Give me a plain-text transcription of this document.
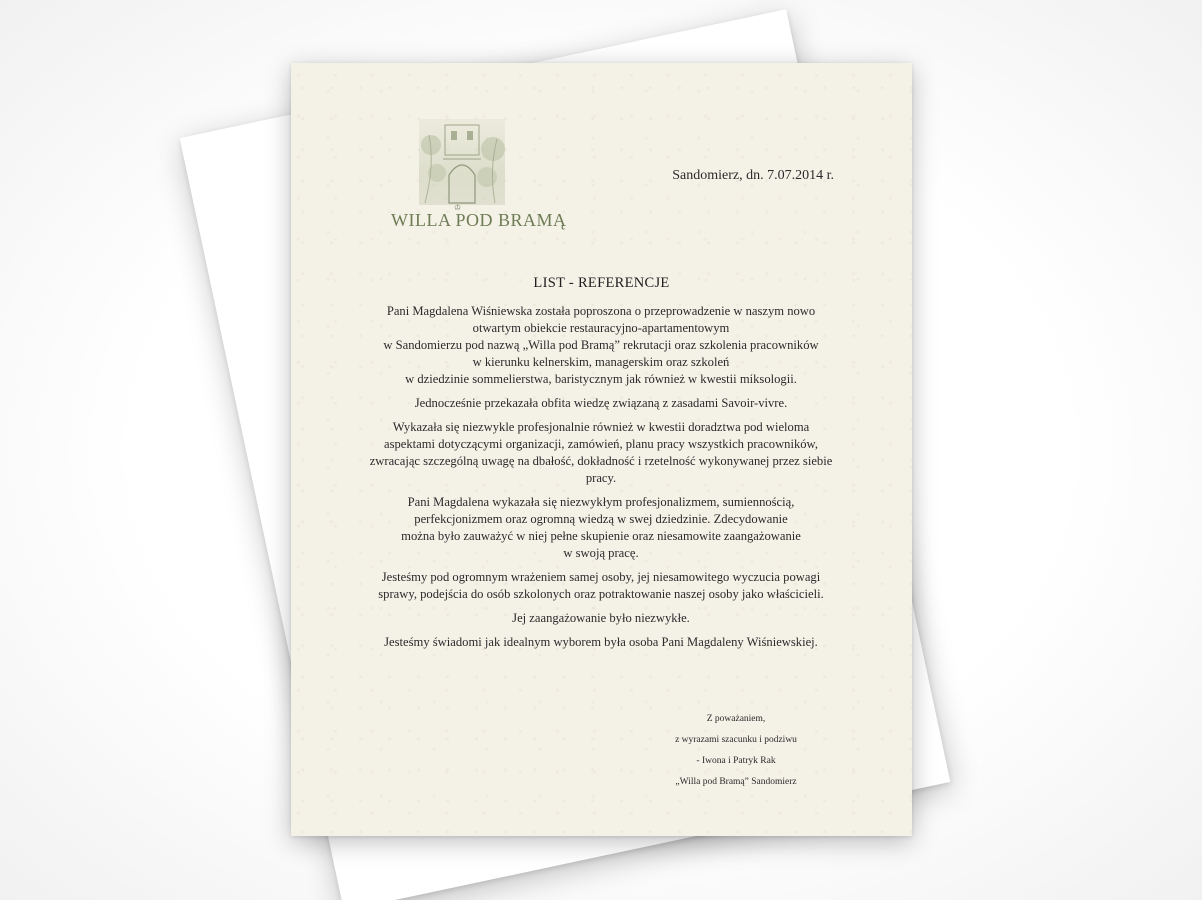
♔
WILLA POD BRAMĄ
Sandomierz, dn. 7.07.2014 r.
LIST - REFERENCJE

Pani Magdalena Wiśniewska została poproszona o przeprowadzenie w naszym nowo
otwartym obiekcie restauracyjno-apartamentowym
w Sandomierzu pod nazwą „Willa pod Bramą” rekrutacji oraz szkolenia pracowników
w kierunku kelnerskim, managerskim oraz szkoleń
w dziedzinie sommelierstwa, baristycznym jak również w kwestii miksologii.

Jednocześnie przekazała obfita wiedzę związaną z zasadami Savoir-vivre.

Wykazała się niezwykle profesjonalnie również w kwestii doradztwa pod wieloma
aspektami dotyczącymi organizacji, zamówień, planu pracy wszystkich pracowników,
zwracając szczególną uwagę na dbałość, dokładność i rzetelność wykonywanej przez siebie
pracy.

Pani Magdalena wykazała się niezwykłym profesjonalizmem, sumiennością,
perfekcjonizmem oraz ogromną wiedzą w swej dziedzinie. Zdecydowanie
można było zauważyć w niej pełne skupienie oraz niesamowite zaangażowanie
w swoją pracę.

Jesteśmy pod ogromnym wrażeniem samej osoby, jej niesamowitego wyczucia powagi
sprawy, podejścia do osób szkolonych oraz potraktowanie naszej osoby jako właścicieli.

Jej zaangażowanie było niezwykłe.

Jesteśmy świadomi jak idealnym wyborem była osoba Pani Magdaleny Wiśniewskiej.

Z poważaniem,
z wyrazami szacunku i podziwu
- Iwona i Patryk Rak
„Willa pod Bramą” Sandomierz
